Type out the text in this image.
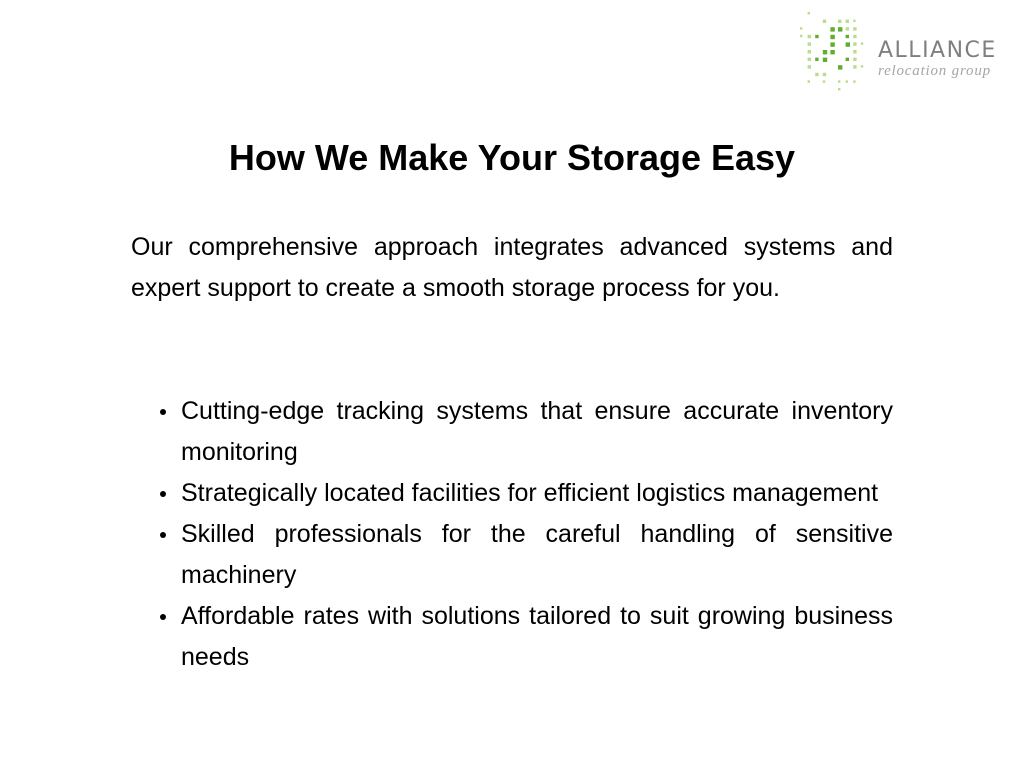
ALLIANCE
relocation group
How We Make Your Storage Easy

Our comprehensive approach integrates advanced systems and expert support to create a smooth storage process for you.

Cutting-edge tracking systems that ensure accurate inventory monitoring
Strategically located facilities for efficient logistics management
Skilled professionals for the careful handling of sensitive machinery
Affordable rates with solutions tailored to suit growing business needs
